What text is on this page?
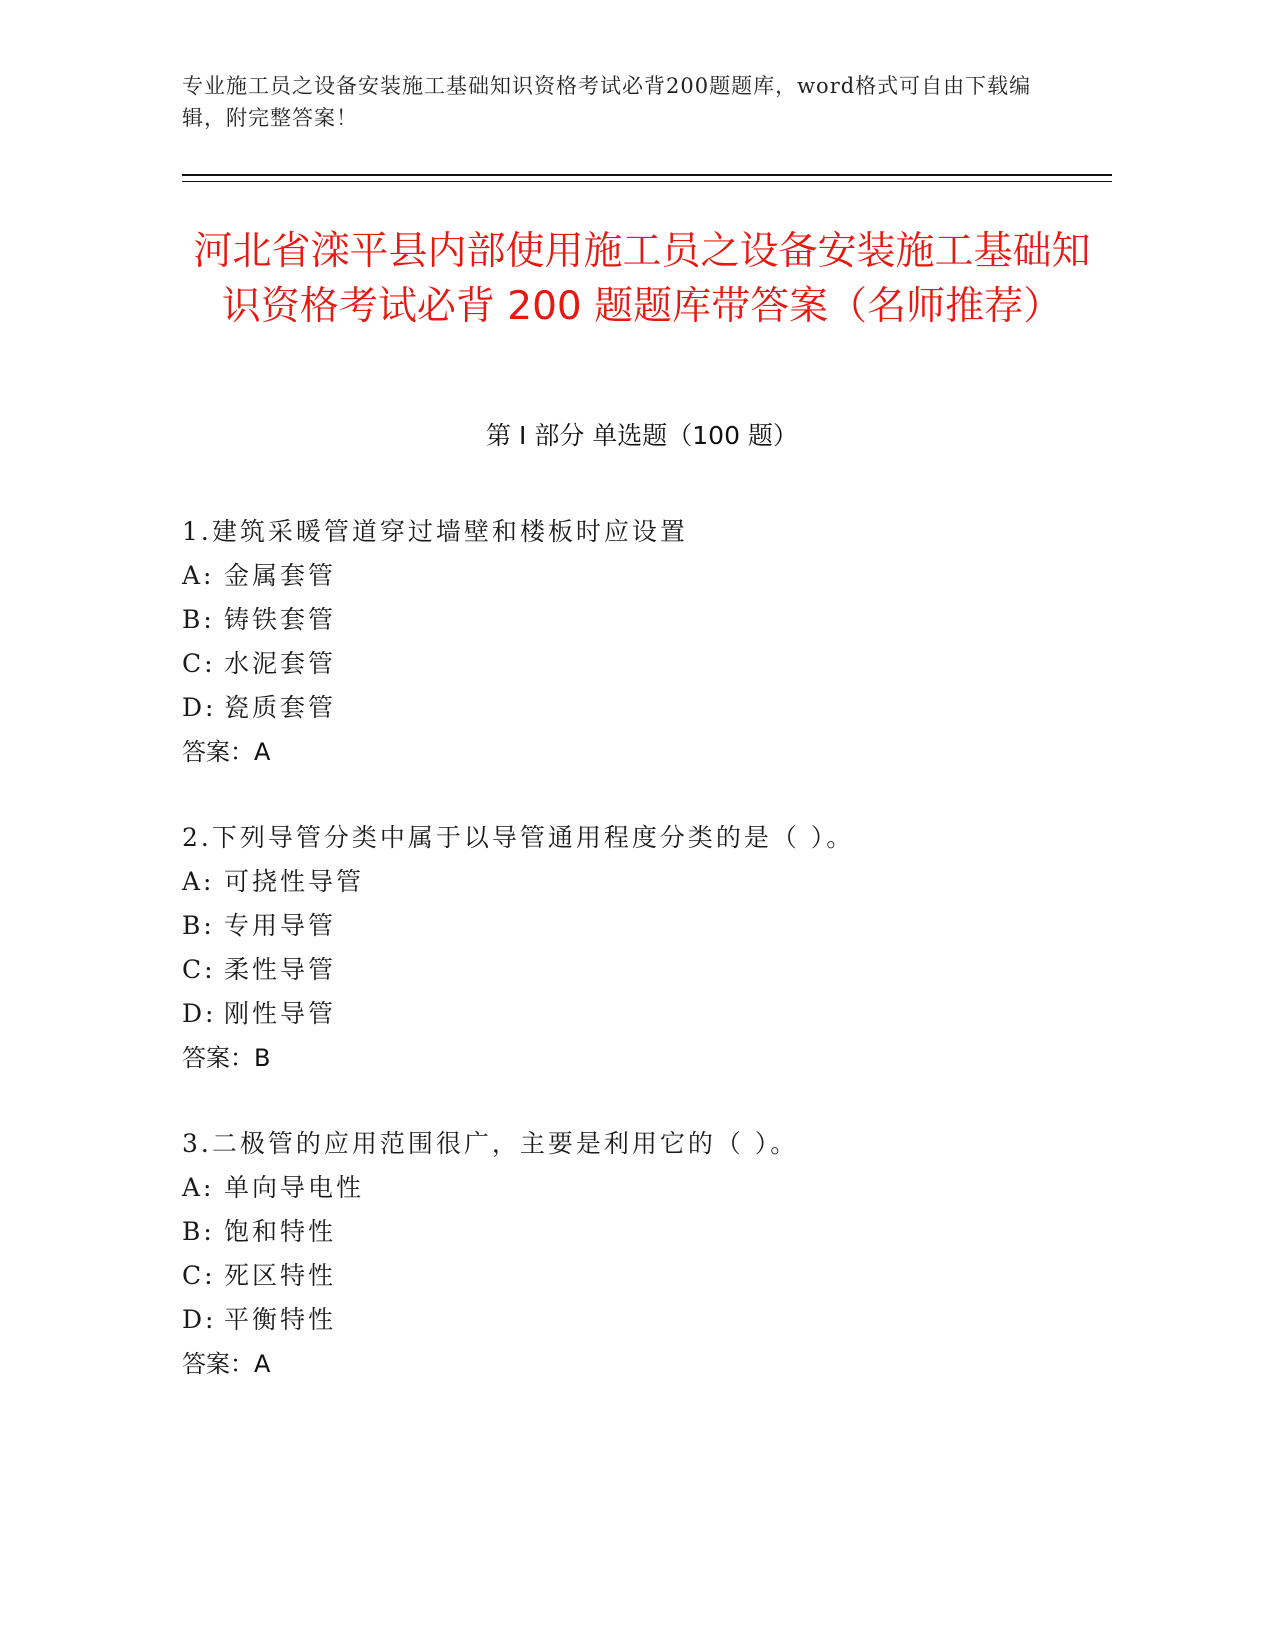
专业施工员之设备安装施工基础知识资格考试必背200题题库，word格式可自由下载编辑，附完整答案！
河北省滦平县内部使用施工员之设备安装施工基础知识资格考试必背 200 题题库带答案（名师推荐）
第 I 部分 单选题（100 题）
1.建筑采暖管道穿过墙壁和楼板时应设置
A: 金属套管
B: 铸铁套管
C: 水泥套管
D: 瓷质套管
答案：A
2.下列导管分类中属于以导管通用程度分类的是（ ）。
A: 可挠性导管
B: 专用导管
C: 柔性导管
D: 刚性导管
答案：B
3.二极管的应用范围很广，主要是利用它的（ ）。
A: 单向导电性
B: 饱和特性
C: 死区特性
D: 平衡特性
答案：A
